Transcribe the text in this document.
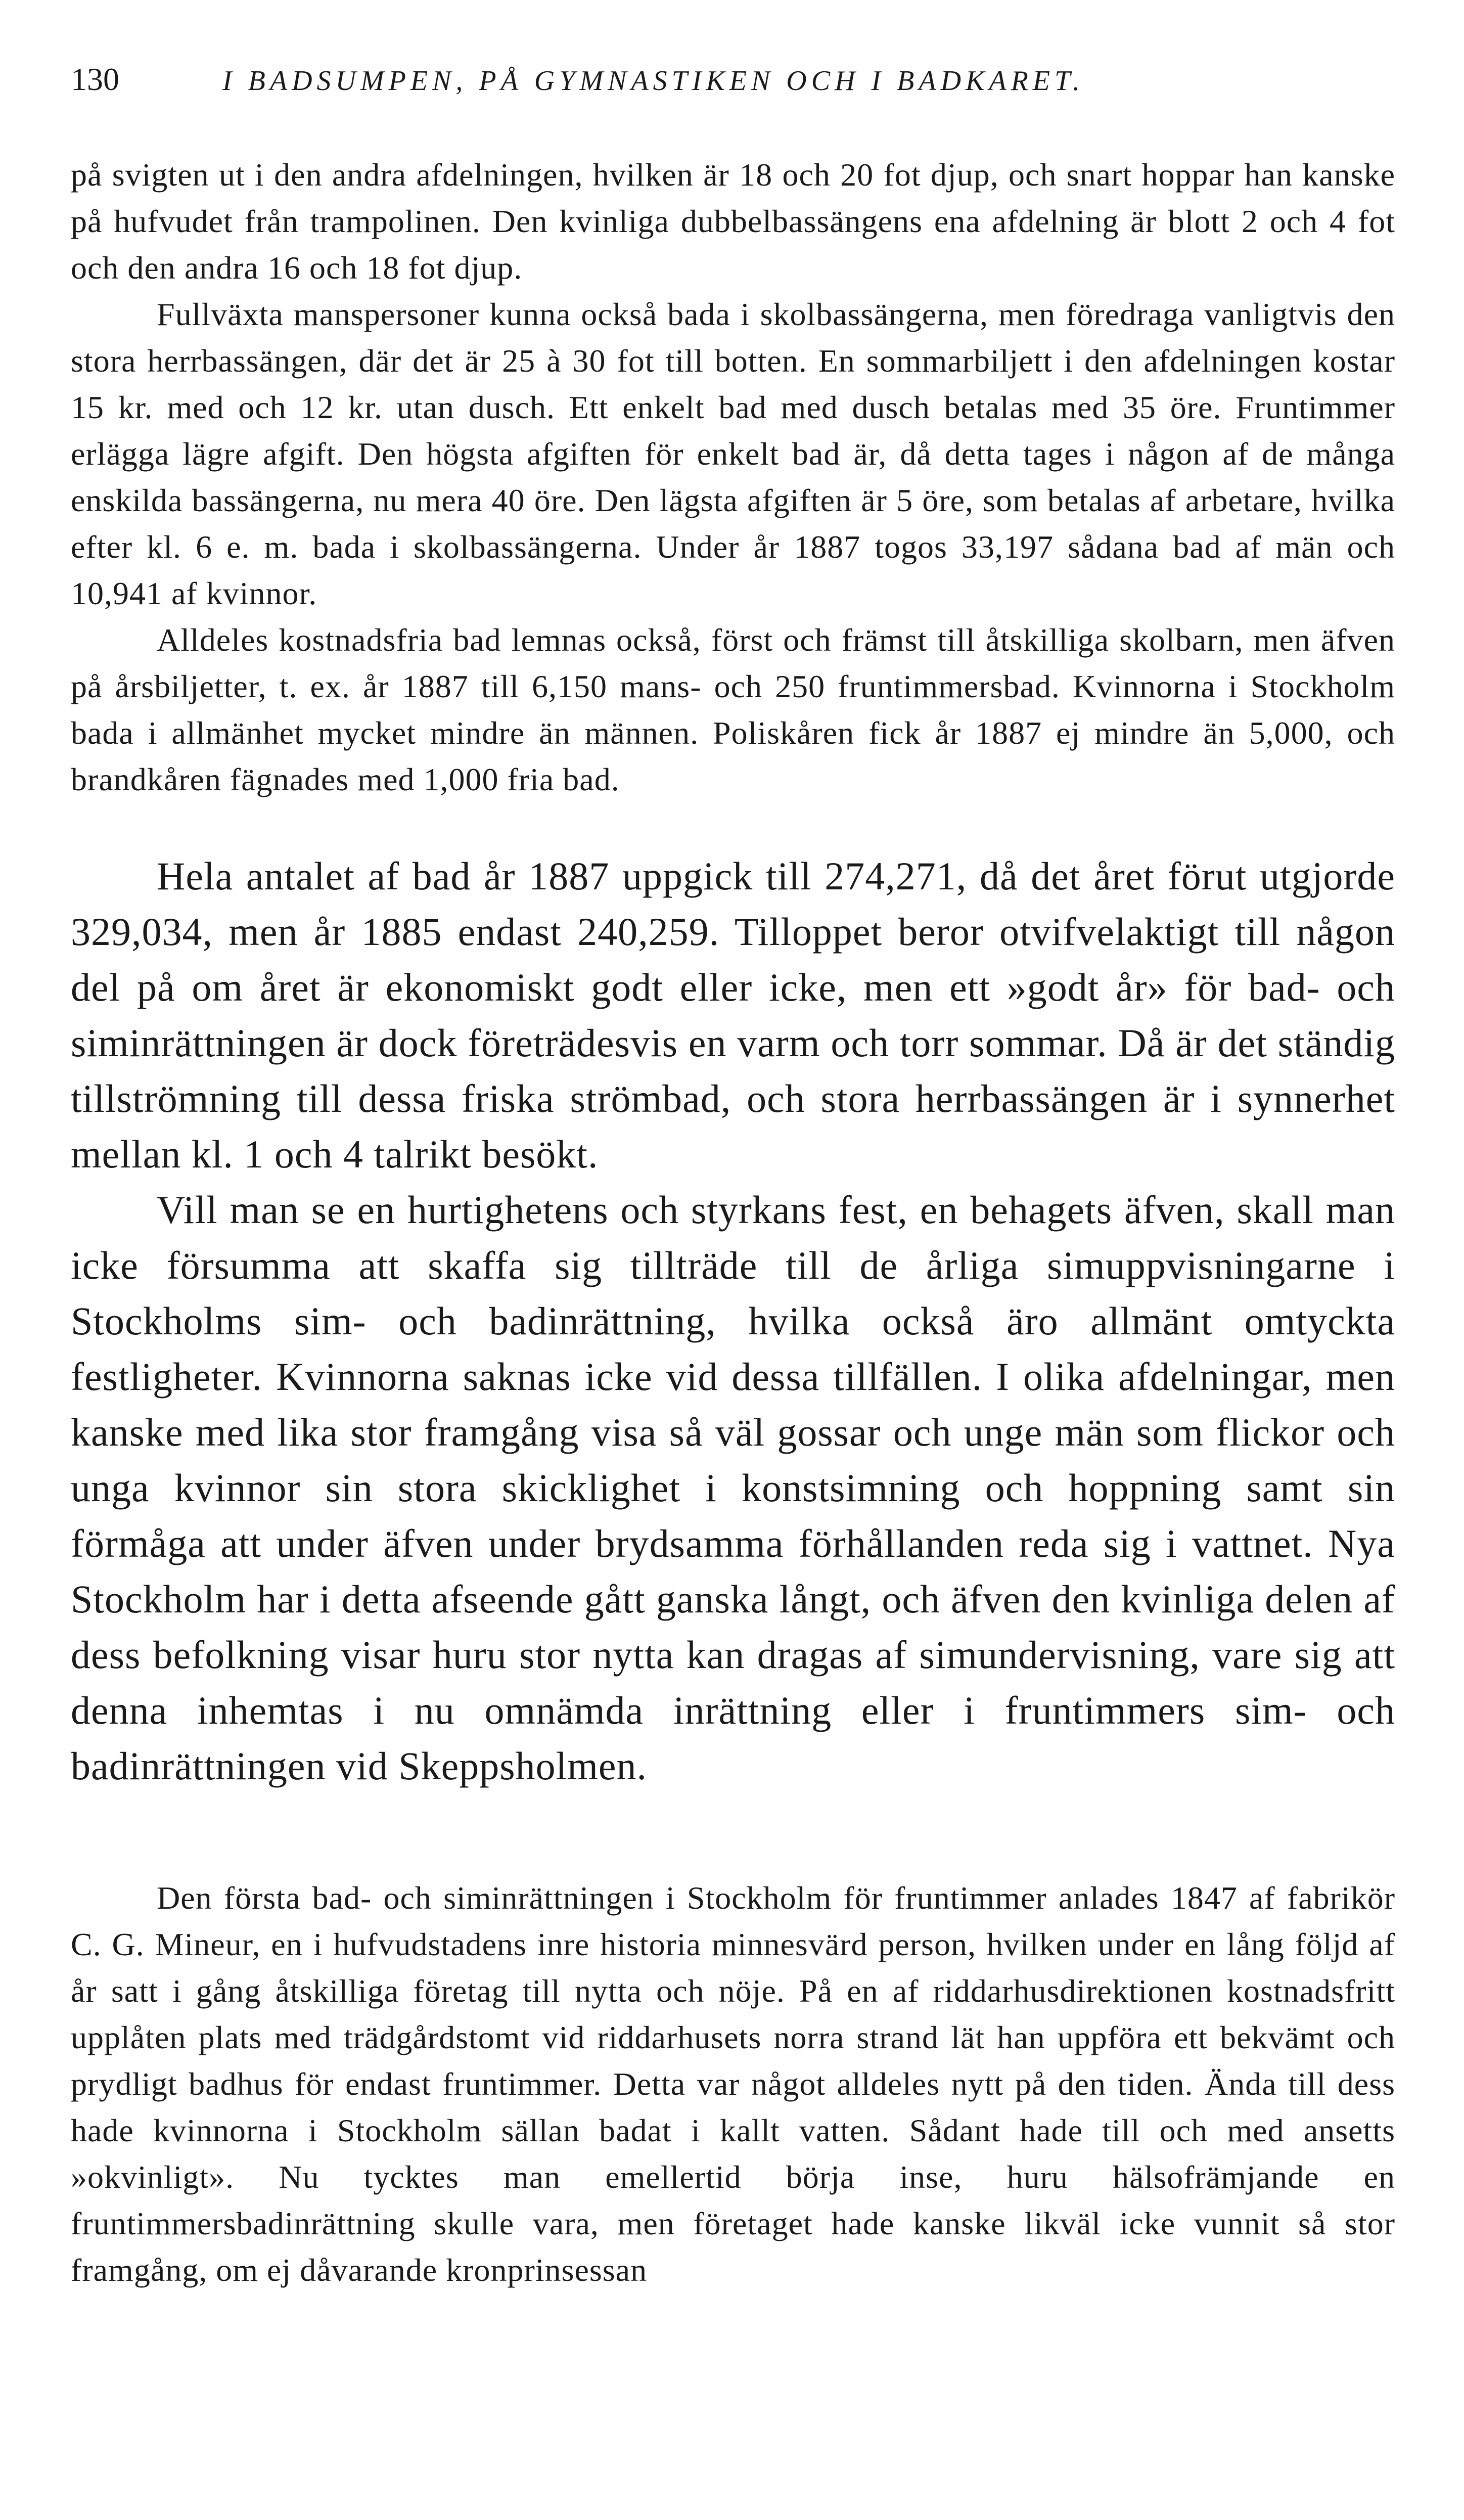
130	I BADSUMPEN, PÅ GYMNASTIKEN OCH I BADKARET.

på svigten ut i den andra afdelningen, hvilken är 18 och 20 fot djup, och snart hoppar han kanske på hufvudet från trampolinen. Den kvinliga dubbelbassängens ena afdelning är blott 2 och 4 fot och den andra 16 och 18 fot djup.

Fullväxta manspersoner kunna också bada i skolbassängerna, men föredraga vanligtvis den stora herrbassängen, där det är 25 à 30 fot till botten. En sommarbiljett i den afdelningen kostar 15 kr. med och 12 kr. utan dusch. Ett enkelt bad med dusch betalas med 35 öre. Fruntimmer erlägga lägre afgift. Den högsta afgiften för enkelt bad är, då detta tages i någon af de många enskilda bassängerna, nu mera 40 öre. Den lägsta afgiften är 5 öre, som betalas af arbetare, hvilka efter kl. 6 e. m. bada i skolbassängerna. Under år 1887 togos 33,197 sådana bad af män och 10,941 af kvinnor.

Alldeles kostnadsfria bad lemnas också, först och främst till åtskilliga skolbarn, men äfven på årsbiljetter, t. ex. år 1887 till 6,150 mans- och 250 fruntimmersbad. Kvinnorna i Stockholm bada i allmänhet mycket mindre än männen. Poliskåren fick år 1887 ej mindre än 5,000, och brandkåren fägnades med 1,000 fria bad.

Hela antalet af bad år 1887 uppgick till 274,271, då det året förut utgjorde 329,034, men år 1885 endast 240,259. Tilloppet beror otvifvelaktigt till någon del på om året är ekonomiskt godt eller icke, men ett »godt år» för bad- och siminrättningen är dock företrädesvis en varm och torr sommar. Då är det ständig tillströmning till dessa friska strömbad, och stora herrbassängen är i synnerhet mellan kl. 1 och 4 talrikt besökt.

Vill man se en hurtighetens och styrkans fest, en behagets äfven, skall man icke försumma att skaffa sig tillträde till de årliga simuppvisningarne i Stockholms sim- och badinrättning, hvilka också äro allmänt omtyckta festligheter. Kvinnorna saknas icke vid dessa tillfällen. I olika afdelningar, men kanske med lika stor framgång visa så väl gossar och unge män som flickor och unga kvinnor sin stora skicklighet i konstsimning och hoppning samt sin förmåga att under äfven under brydsamma förhållanden reda sig i vattnet. Nya Stockholm har i detta afseende gått ganska långt, och äfven den kvinliga delen af dess befolkning visar huru stor nytta kan dragas af simundervisning, vare sig att denna inhemtas i nu omnämda inrättning eller i fruntimmers sim- och badinrättningen vid Skeppsholmen.

Den första bad- och siminrättningen i Stockholm för fruntimmer anlades 1847 af fabrikör C. G. Mineur, en i hufvudstadens inre historia minnesvärd person, hvilken under en lång följd af år satt i gång åtskilliga företag till nytta och nöje. På en af riddarhusdirektionen kostnadsfritt upplåten plats med trädgårdstomt vid riddarhusets norra strand lät han uppföra ett bekvämt och prydligt badhus för endast fruntimmer. Detta var något alldeles nytt på den tiden. Ända till dess hade kvinnorna i Stockholm sällan badat i kallt vatten. Sådant hade till och med ansetts »okvinligt». Nu tycktes man emellertid börja inse, huru hälsofrämjande en fruntimmersbadinrättning skulle vara, men företaget hade kanske likväl icke vunnit så stor framgång, om ej dåvarande kronprinsessan
